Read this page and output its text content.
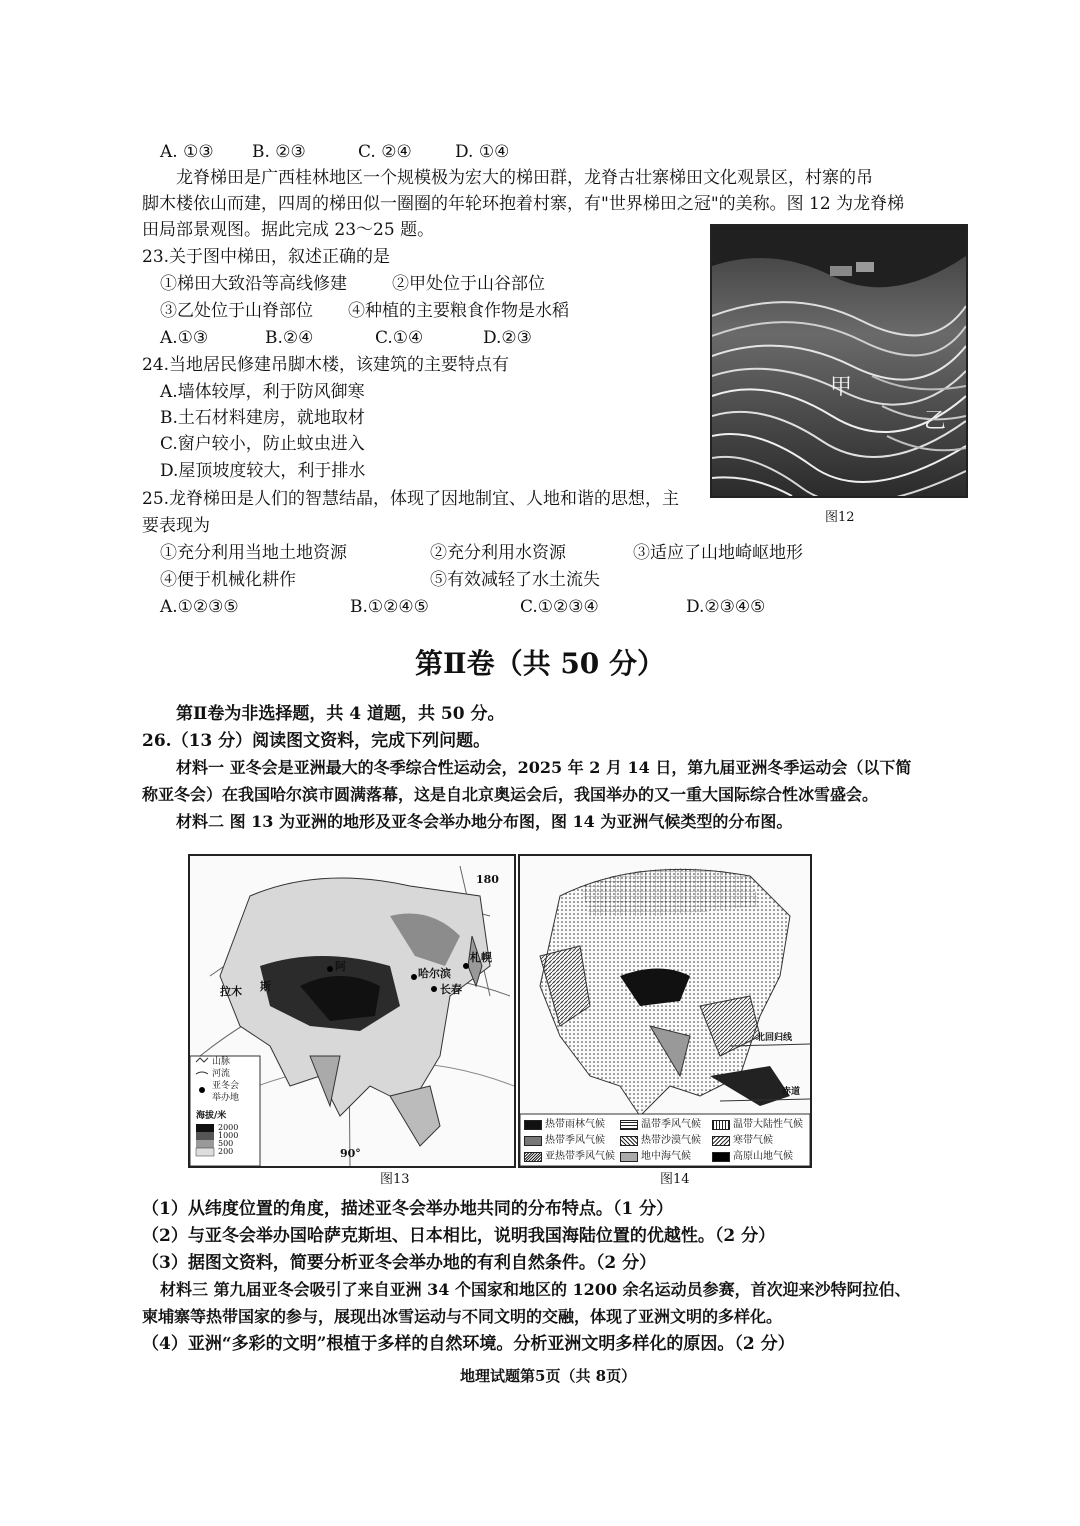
A. ①③ B. ②③	C. ②④	D. ①④
龙脊梯田是广西桂林地区一个规模极为宏大的梯田群，龙脊古壮寨梯田文化观景区，村寨的吊
脚木楼依山而建，四周的梯田似一圈圈的年轮环抱着村寨，有"世界梯田之冠"的美称。图 12 为龙脊梯
田局部景观图。据此完成 23～25 题。
23.关于图中梯田，叙述正确的是
①梯田大致沿等高线修建	②甲处位于山谷部位
③乙处位于山脊部位 ④种植的主要粮食作物是水稻
A.①③	B.②④	C.①④	D.②③
24.当地居民修建吊脚木楼，该建筑的主要特点有
A.墙体较厚，利于防风御寒
B.土石材料建房，就地取材
C.窗户较小，防止蚊虫进入
D.屋顶坡度较大，利于排水
甲
乙
图12
25.龙脊梯田是人们的智慧结晶，体现了因地制宜、人地和谐的思想，主
要表现为
①充分利用当地土地资源	②充分利用水资源	③适应了山地崎岖地形
④便于机械化耕作	⑤有效减轻了水土流失
A.①②③⑤	B.①②④⑤	C.①②③④	D.②③④⑤
第Ⅱ卷（共 50 分）
第Ⅱ卷为非选择题，共 4 道题，共 50 分。
26.（13 分）阅读图文资料，完成下列问题。
材料一 亚冬会是亚洲最大的冬季综合性运动会，2025 年 2 月 14 日，第九届亚洲冬季运动会（以下简
称亚冬会）在我国哈尔滨市圆满落幕，这是自北京奥运会后，我国举办的又一重大国际综合性冰雪盛会。
材料二 图 13 为亚洲的地形及亚冬会举办地分布图，图 14 为亚洲气候类型的分布图。
阿
哈尔滨
札幌
长春
斯
拉木
180
90°
山脉
河流
亚冬会
举办地
海拔/米
2000
1000
500
200
图13
北回归线
赤道
热带雨林气候	温带季风气候	温带大陆性气候
热带季风气候	热带沙漠气候	寒带气候
亚热带季风气候	地中海气候	高原山地气候
图14
（1）从纬度位置的角度，描述亚冬会举办地共同的分布特点。（1 分）
（2）与亚冬会举办国哈萨克斯坦、日本相比，说明我国海陆位置的优越性。（2 分）
（3）据图文资料，简要分析亚冬会举办地的有利自然条件。（2 分）
材料三 第九届亚冬会吸引了来自亚洲 34 个国家和地区的 1200 余名运动员参赛，首次迎来沙特阿拉伯、
柬埔寨等热带国家的参与，展现出冰雪运动与不同文明的交融，体现了亚洲文明的多样化。
（4）亚洲“多彩的文明”根植于多样的自然环境。分析亚洲文明多样化的原因。（2 分）
地理试题第5页（共 8页）
